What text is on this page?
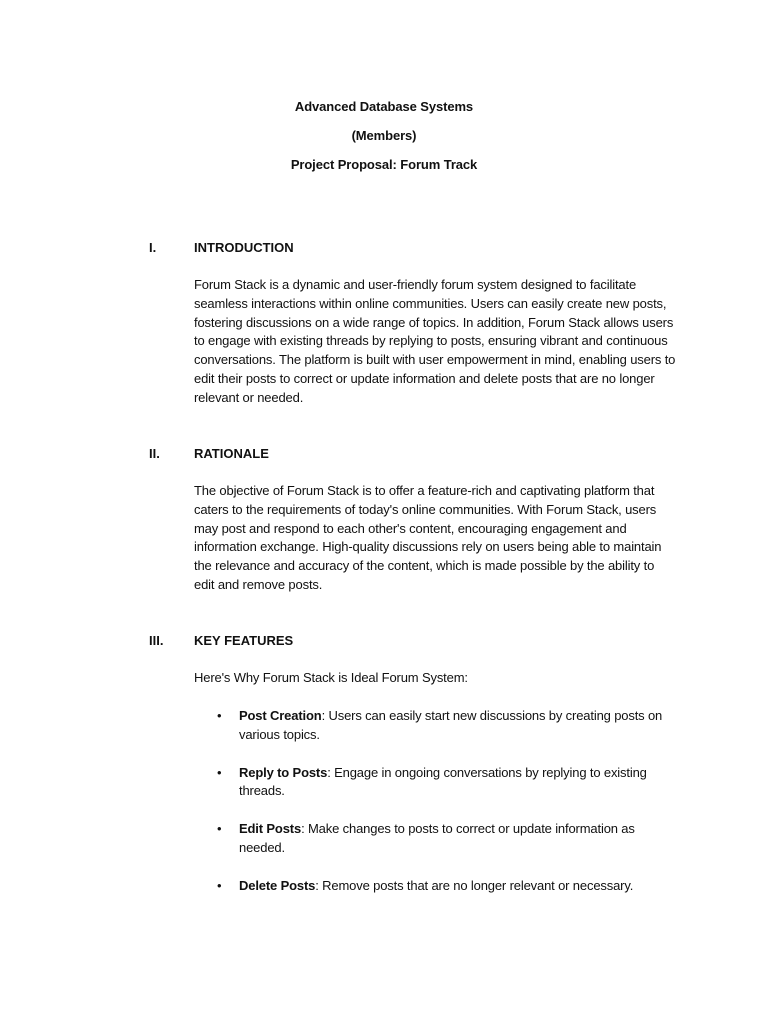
Advanced Database Systems
(Members)
Project Proposal: Forum Track
I.	INTRODUCTION
Forum Stack is a dynamic and user-friendly forum system designed to facilitate seamless interactions within online communities. Users can easily create new posts, fostering discussions on a wide range of topics. In addition, Forum Stack allows users to engage with existing threads by replying to posts, ensuring vibrant and continuous conversations. The platform is built with user empowerment in mind, enabling users to edit their posts to correct or update information and delete posts that are no longer relevant or needed.
II.	RATIONALE
The objective of Forum Stack is to offer a feature-rich and captivating platform that caters to the requirements of today's online communities. With Forum Stack, users may post and respond to each other's content, encouraging engagement and information exchange. High-quality discussions rely on users being able to maintain the relevance and accuracy of the content, which is made possible by the ability to edit and remove posts.
III. KEY FEATURES
Here's Why Forum Stack is Ideal Forum System:
• Post Creation: Users can easily start new discussions by creating posts on various topics.
• Reply to Posts: Engage in ongoing conversations by replying to existing threads.
• Edit Posts: Make changes to posts to correct or update information as needed.
• Delete Posts: Remove posts that are no longer relevant or necessary.
